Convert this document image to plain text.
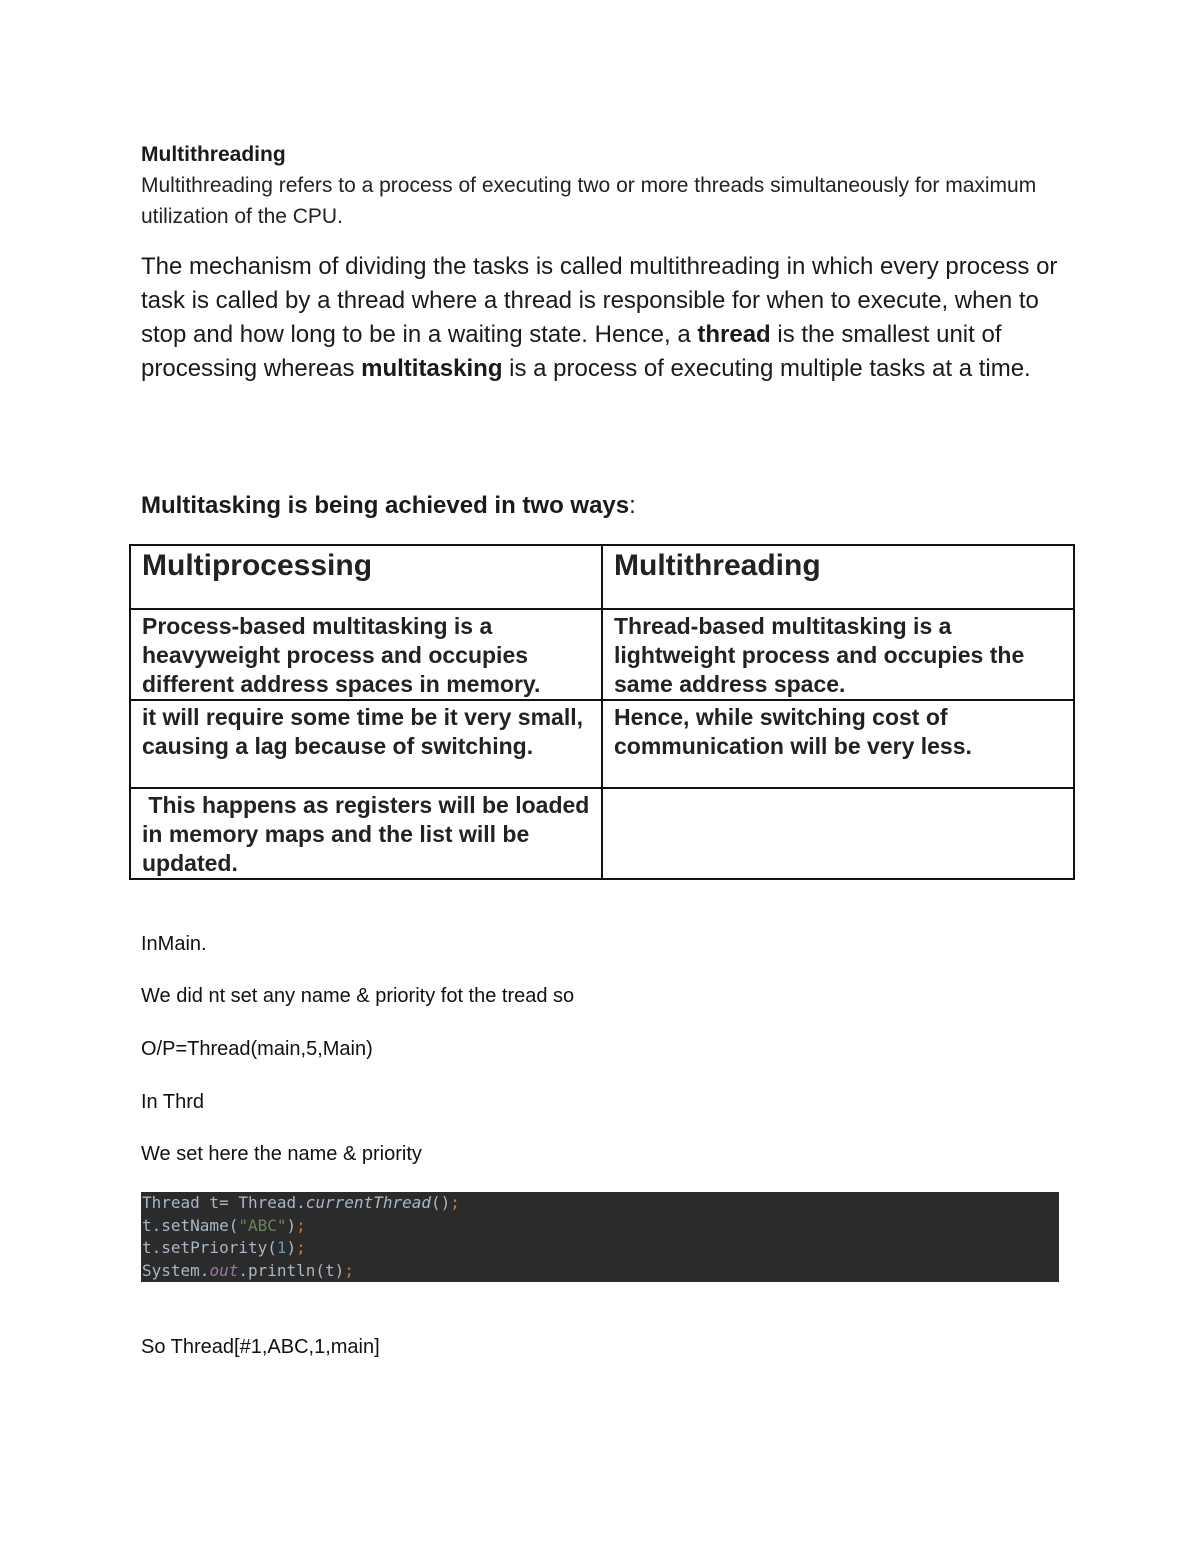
Multithreading

Multithreading refers to a process of executing two or more threads simultaneously for maximum utilization of the CPU.

The mechanism of dividing the tasks is called multithreading in which every process or task is called by a thread where a thread is responsible for when to execute, when to stop and how long to be in a waiting state. Hence, a thread is the smallest unit of processing whereas multitasking is a process of executing multiple tasks at a time.

Multitasking is being achieved in two ways:

Multiprocessing	Multithreading
Process-based multitasking is a heavyweight process and occupies different address spaces in memory.	Thread-based multitasking is a lightweight process and occupies the same address space.
it will require some time be it very small, causing a lag because of switching.	Hence, while switching cost of communication will be very less.
This happens as registers will be loaded in memory maps and the list will be updated.	

InMain.

We did nt set any name & priority fot the tread so

O/P=Thread(main,5,Main)

In Thrd

We set here the name & priority

Thread t= Thread.currentThread();
t.setName("ABC");
t.setPriority(1);
System.out.println(t);

So Thread[#1,ABC,1,main]
